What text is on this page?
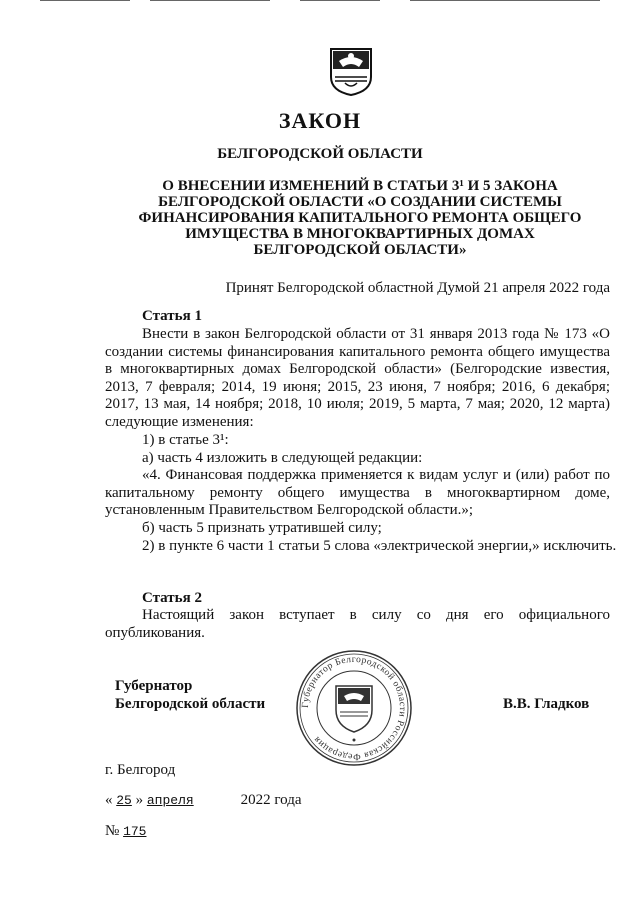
ЗАКОН
БЕЛГОРОДСКОЙ ОБЛАСТИ
О ВНЕСЕНИИ ИЗМЕНЕНИЙ В СТАТЬИ 3¹ И 5 ЗАКОНА
БЕЛГОРОДСКОЙ ОБЛАСТИ «О СОЗДАНИИ СИСТЕМЫ
ФИНАНСИРОВАНИЯ КАПИТАЛЬНОГО РЕМОНТА ОБЩЕГО
ИМУЩЕСТВА В МНОГОКВАРТИРНЫХ ДОМАХ
БЕЛГОРОДСКОЙ ОБЛАСТИ»
Принят Белгородской областной Думой 21 апреля 2022 года
Статья 1
Внести в закон Белгородской области от 31 января 2013 года № 173 «О создании системы финансирования капитального ремонта общего имущества в многоквартирных домах Белгородской области» (Белгородские известия, 2013, 7 февраля; 2014, 19 июня; 2015, 23 июня, 7 ноября; 2016, 6 декабря; 2017, 13 мая, 14 ноября; 2018, 10 июля; 2019, 5 марта, 7 мая; 2020, 12 марта) следующие изменения:
1) в статье 3¹:
а) часть 4 изложить в следующей редакции:
«4. Финансовая поддержка применяется к видам услуг и (или) работ по капитальному ремонту общего имущества в многоквартирном доме, установленным Правительством Белгородской области.»;
б) часть 5 признать утратившей силу;
2) в пункте 6 части 1 статьи 5 слова «электрической энергии,» исключить.
Статья 2
Настоящий закон вступает в силу со дня его официального опубликования.
Губернатор
Белгородской области	В.В. Гладков
Губернатор Белгородской области Российская Федерация
г. Белгород
« 25 » апреля	2022 года
№ 175
